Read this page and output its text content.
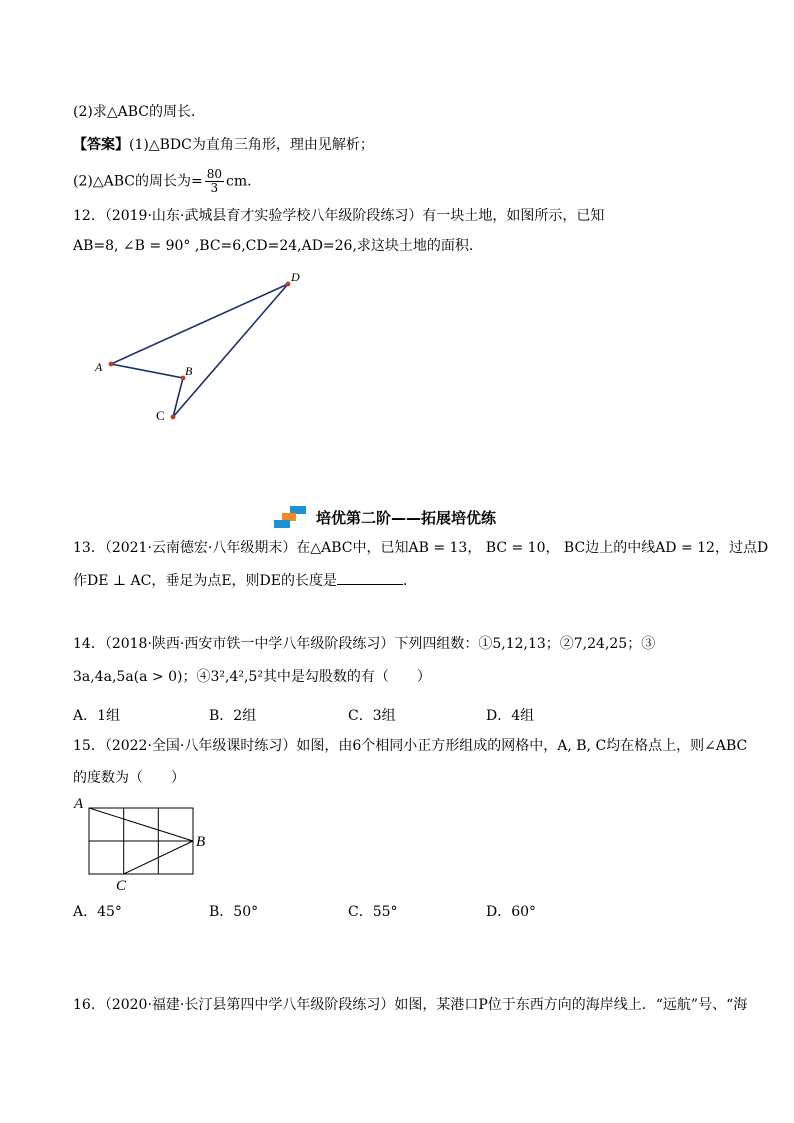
(2)求△ABC的周长．
【答案】(1)△BDC为直角三角形，理由见解析；
(2)△ABC的周长为= $\frac{80}{3}$ cm.
12．（2019·山东·武城县育才实验学校八年级阶段练习）有一块土地，如图所示，已知
AB=8, ∠B = 90° ,BC=6,CD=24,AD=26,求这块土地的面积.
A	B
C
D
培优第二阶——拓展培优练
13．（2021·云南德宏·八年级期末）在△ABC中，已知AB = 13， BC = 10， BC边上的中线AD = 12，过点D
作DE ⊥ AC，垂足为点E，则DE的长度是	．
14．（2018·陕西·西安市铁一中学八年级阶段练习）下列四组数：①5,12,13；②7,24,25；③
3a,4a,5a(a > 0)；④3²,4²,5²其中是勾股数的有（　　）
A．1组	B．2组	C．3组	D．4组
15．（2022·全国·八年级课时练习）如图，由6个相同小正方形组成的网格中，A, B, C均在格点上，则∠ABC
的度数为（　　）
A
B
C
A．45°	B．50°	C．55°	D．60°
16．（2020·福建·长汀县第四中学八年级阶段练习）如图，某港口P位于东西方向的海岸线上．“远航”号、“海
